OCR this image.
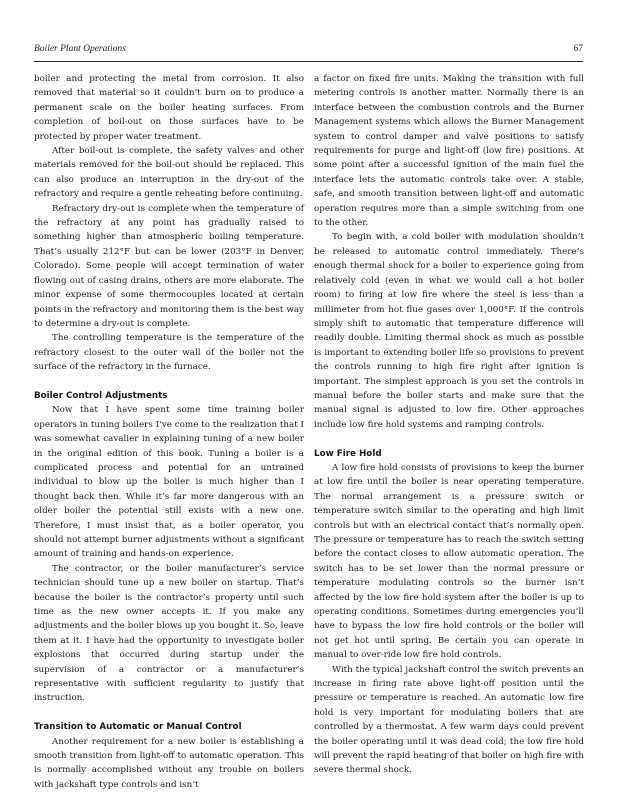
Boiler Plant Operations	67

boiler and protecting the metal from corrosion. It also removed that material so it couldn’t burn on to produce a permanent scale on the boiler heating surfaces. From completion of boil-out on those surfaces have to be protected by proper water treatment.

After boil-out is complete, the safety valves and other materials removed for the boil-out should be replaced. This can also produce an interruption in the dry-out of the refractory and require a gentle reheating before continuing.

Refractory dry-out is complete when the temperature of the refractory at any point has gradually raised to something higher than atmospheric boiling temperature. That’s usually 212°F but can be lower (203°F in Denver, Colorado). Some people will accept termination of water flowing out of casing drains, others are more elaborate. The minor expense of some thermocouples located at certain points in the refractory and monitoring them is the best way to determine a dry-out is complete.

The controlling temperature is the temperature of the refractory closest to the outer wall of the boiler not the surface of the refractory in the furnace.

Boiler Control Adjustments

Now that I have spent some time training boiler operators in tuning boilers I’ve come to the realization that I was somewhat cavalier in explaining tuning of a new boiler in the original edition of this book. Tuning a boiler is a complicated process and potential for an untrained individual to blow up the boiler is much higher than I thought back then. While it’s far more dangerous with an older boiler the potential still exists with a new one. Therefore, I must insist that, as a boiler operator, you should not attempt burner adjustments without a significant amount of training and hands-on experience.

The contractor, or the boiler manufacturer’s service technician should tune up a new boiler on startup. That’s because the boiler is the contractor’s property until such time as the new owner accepts it. If you make any adjustments and the boiler blows up you bought it. So, leave them at it. I have had the opportunity to investigate boiler explosions that occurred during startup under the supervision of a contractor or a manufacturer’s representative with sufficient regularity to justify that instruction.

Transition to Automatic or Manual Control

Another requirement for a new boiler is establishing a smooth transition from light-off to automatic operation. This is normally accomplished without any trouble on boilers with jackshaft type controls and isn’t

a factor on fixed fire units. Making the transition with full metering controls is another matter. Normally there is an interface between the combustion controls and the Burner Management systems which allows the Burner Management system to control damper and valve positions to satisfy requirements for purge and light-off (low fire) positions. At some point after a successful ignition of the main fuel the interface lets the automatic controls take over. A stable, safe, and smooth transition between light-off and automatic operation requires more than a simple switching from one to the other.

To begin with, a cold boiler with modulation shouldn’t be released to automatic control immediately. There’s enough thermal shock for a boiler to experience going from relatively cold (even in what we would call a hot boiler room) to firing at low fire where the steel is less than a millimeter from hot flue gases over 1,000°F. If the controls simply shift to automatic that temperature difference will readily double. Limiting thermal shock as much as possible is important to extending boiler life so provisions to prevent the controls running to high fire right after ignition is important. The simplest approach is you set the controls in manual before the boiler starts and make sure that the manual signal is adjusted to low fire. Other approaches include low fire hold systems and ramping controls.

Low Fire Hold

A low fire hold consists of provisions to keep the burner at low fire until the boiler is near operating temperature. The normal arrangement is a pressure switch or temperature switch similar to the operating and high limit controls but with an electrical contact that’s normally open. The pressure or temperature has to reach the switch setting before the contact closes to allow automatic operation. The switch has to be set lower than the normal pressure or temperature modulating controls so the burner isn’t affected by the low fire hold system after the boiler is up to operating conditions. Sometimes during emergencies you’ll have to bypass the low fire hold controls or the boiler will not get hot until spring. Be certain you can operate in manual to over-ride low fire hold controls.

With the typical jackshaft control the switch prevents an increase in firing rate above light-off position until the pressure or temperature is reached. An automatic low fire hold is very important for modulating boilers that are controlled by a thermostat. A few warm days could prevent the boiler operating until it was dead cold; the low fire hold will prevent the rapid heating of that boiler on high fire with severe thermal shock.
